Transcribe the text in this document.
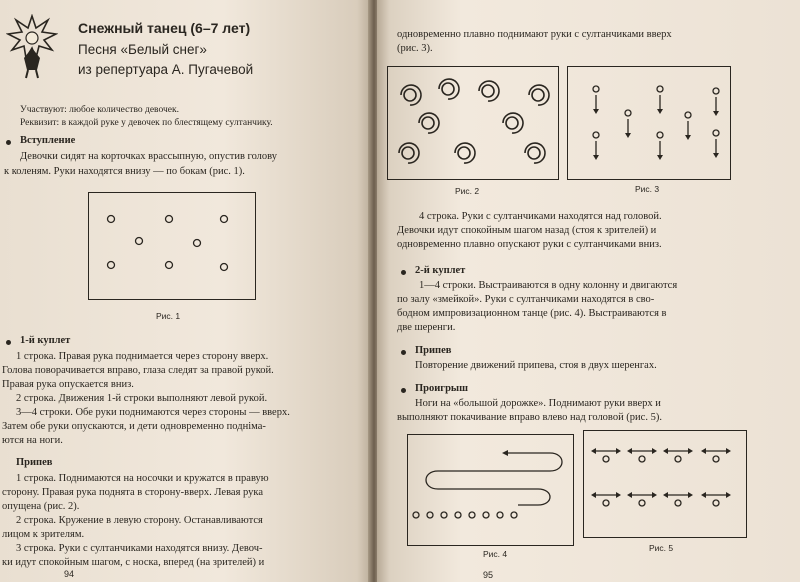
Снежный танец (6–7 лет)
Песня «Белый снег»
из репертуара А. Пугачевой
Участвуют: любое количество девочек.
Реквизит: в каждой руке у девочек по блестящему султанчику.
Вступление
Девочки сидят на корточках врассыпную, опустив голову
к коленям. Руки находятся внизу — по бокам (рис. 1).
Рис. 1
1-й куплет
1 строка. Правая рука поднимается через сторону вверх.
Голова поворачивается вправо, глаза следят за правой рукой.
Правая рука опускается вниз.
2 строка. Движения 1-й строки выполняют левой рукой.
3—4 строки. Обе руки поднимаются через стороны — вверх.
Затем обе руки опускаются, и дети одновременно подніма-
ются на ноги.
Припев
1 строка. Поднимаются на носочки и кружатся в правую
сторону. Правая рука поднята в сторону-вверх. Левая рука
опущена (рис. 2).
2 строка. Кружение в левую сторону. Останавливаются
лицом к зрителям.
3 строка. Руки с султанчиками находятся внизу. Девоч-
ки идут спокойным шагом, с носка, вперед (на зрителей) и
94
одновременно плавно поднимают руки с султанчиками вверх
(рис. 3).
Рис. 2	Рис. 3
4 строка. Руки с султанчиками находятся над головой.
Девочки идут спокойным шагом назад (стоя к зрителей) и
одновременно плавно опускают руки с султанчиками вниз.
2-й куплет
1—4 строки. Выстраиваются в одну колонну и двигаются
по залу «змейкой». Руки с султанчиками находятся в сво-
бодном импровизационном танце (рис. 4). Выстраиваются в
две шеренги.
Припев
Повторение движений припева, стоя в двух шеренгах.
Проигрыш
Ноги на «большой дорожке». Поднимают руки вверх и
выполняют покачивание вправо влево над головой (рис. 5).
Рис. 4
Рис. 5
95
